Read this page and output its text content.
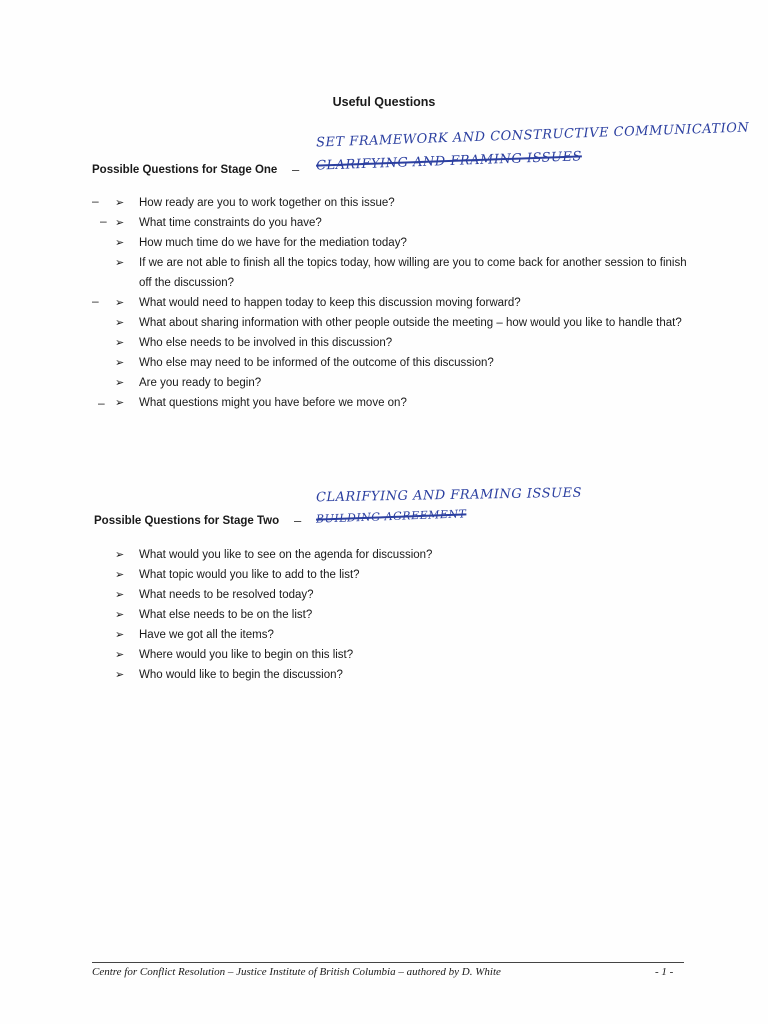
Useful Questions
SET FRAMEWORK AND CONSTRUCTIVE COMMUNICATION
Possible Questions for Stage One – CLARIFYING AND FRAMING ISSUES
–
–
–
–
➢ How ready are you to work together on this issue?
➢ What time constraints do you have?
➢ How much time do we have for the mediation today?
➢ If we are not able to finish all the topics today, how willing are you to come back for another session to finish off the discussion?
➢ What would need to happen today to keep this discussion moving forward?
➢ What about sharing information with other people outside the meeting – how would you like to handle that?
➢ Who else needs to be involved in this discussion?
➢ Who else may need to be informed of the outcome of this discussion?
➢ Are you ready to begin?
➢ What questions might you have before we move on?
CLARIFYING AND FRAMING ISSUES
Possible Questions for Stage Two – BUILDING AGREEMENT
➢ What would you like to see on the agenda for discussion?
➢ What topic would you like to add to the list?
➢ What needs to be resolved today?
➢ What else needs to be on the list?
➢ Have we got all the items?
➢ Where would you like to begin on this list?
➢ Who would like to begin the discussion?
Centre for Conflict Resolution – Justice Institute of British Columbia – authored by D. White	- 1 -
